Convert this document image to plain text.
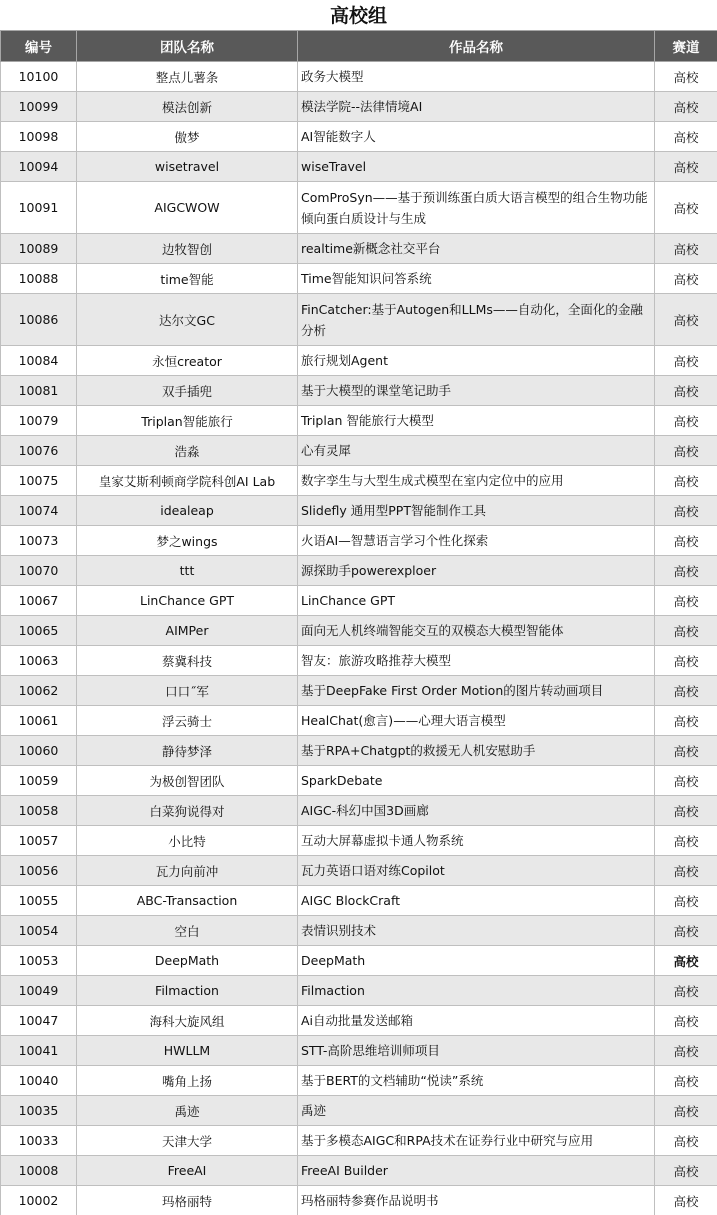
高校组
编号	团队名称	作品名称	赛道
10100	整点儿薯条	政务大模型	高校
10099	模法创新	模法学院--法律情境AI	高校
10098	傲梦	AI智能数字人	高校
10094	wisetravel	wiseTravel	高校
10091	AIGCWOW	ComProSyn——基于预训练蛋白质大语言模型的组合生物功能倾向蛋白质设计与生成	高校
10089	边牧智创	realtime新概念社交平台	高校
10088	time智能	Time智能知识问答系统	高校
10086	达尔文GC	FinCatcher:基于Autogen和LLMs——自动化，全面化的金融分析	高校
10084	永恒creator	旅行规划Agent	高校
10081	双手插兜	基于大模型的课堂笔记助手	高校
10079	Triplan智能旅行	Triplan 智能旅行大模型	高校
10076	浩淼	心有灵犀	高校
10075	皇家艾斯利顿商学院科创AI Lab	数字孪生与大型生成式模型在室内定位中的应用	高校
10074	idealeap	Slidefly 通用型PPT智能制作工具	高校
10073	梦之wings	火语AI—智慧语言学习个性化探索	高校
10070	ttt	源探助手powerexploer	高校
10067	LinChance GPT	LinChance GPT	高校
10065	AIMPer	面向无人机终端智能交互的双模态大模型智能体	高校
10063	蔡冀科技	智友：旅游攻略推荐大模型	高校
10062	口口˝军	基于DeepFake First Order Motion的图片转动画项目	高校
10061	浮云骑士	HealChat(愈言)——心理大语言模型	高校
10060	静待梦泽	基于RPA+Chatgpt的救援无人机安慰助手	高校
10059	为极创智团队	SparkDebate	高校
10058	白菜狗说得对	AIGC-科幻中国3D画廊	高校
10057	小比特	互动大屏幕虚拟卡通人物系统	高校
10056	瓦力向前冲	瓦力英语口语对练Copilot	高校
10055	ABC-Transaction	AIGC BlockCraft	高校
10054	空白	表情识别技术	高校
10053	DeepMath	DeepMath	高校
10049	Filmaction	Filmaction	高校
10047	海科大旋风组	Ai自动批量发送邮箱	高校
10041	HWLLM	STT-高阶思维培训师项目	高校
10040	嘴角上扬	基于BERT的文档辅助“悦读”系统	高校
10035	禹迹	禹迹	高校
10033	天津大学	基于多模态AIGC和RPA技术在证券行业中研究与应用	高校
10008	FreeAI	FreeAI Builder	高校
10002	玛格丽特	玛格丽特参赛作品说明书	高校
